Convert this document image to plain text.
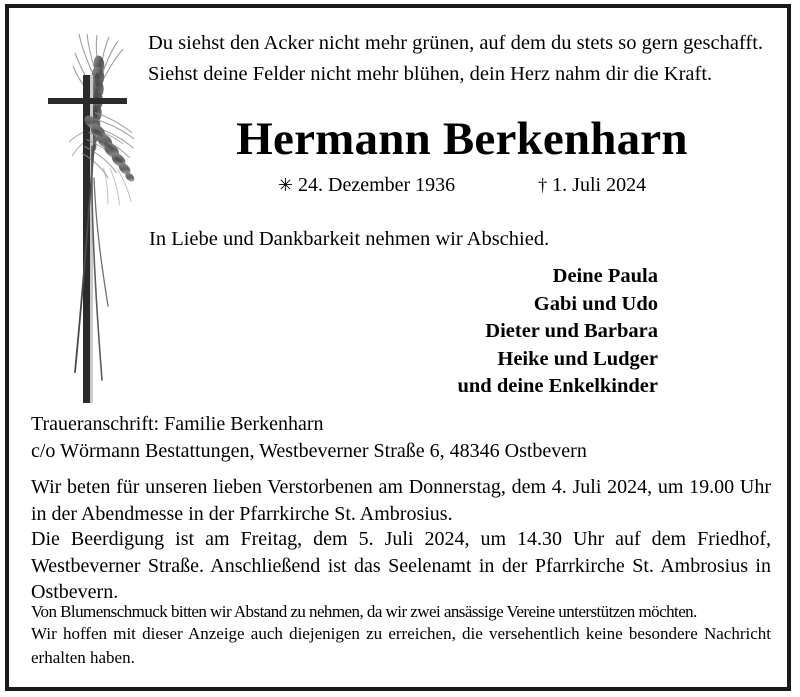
Du siehst den Acker nicht mehr grünen, auf dem du stets so gern geschafft.
Siehst deine Felder nicht mehr blühen, dein Herz nahm dir die Kraft.
Hermann Berkenharn
✳ 24. Dezember 1936	† 1. Juli 2024
In Liebe und Dankbarkeit nehmen wir Abschied.
Deine Paula
Gabi und Udo
Dieter und Barbara
Heike und Ludger
und deine Enkelkinder
Traueranschrift: Familie Berkenharn
c/o Wörmann Bestattungen, Westbeverner Straße 6, 48346 Ostbevern
Wir beten für unseren lieben Verstorbenen am Donnerstag, dem 4. Juli 2024, um 19.00 Uhr in der Abendmesse in der Pfarrkirche St. Ambrosius.
Die Beerdigung ist am Freitag, dem 5. Juli 2024, um 14.30 Uhr auf dem Friedhof, Westbeverner Straße. Anschließend ist das Seelenamt in der Pfarrkirche St. Ambrosius in Ostbevern.
Von Blumenschmuck bitten wir Abstand zu nehmen, da wir zwei ansässige Vereine unterstützen möchten.
Wir hoffen mit dieser Anzeige auch diejenigen zu erreichen, die versehentlich keine besondere Nachricht erhalten haben.
